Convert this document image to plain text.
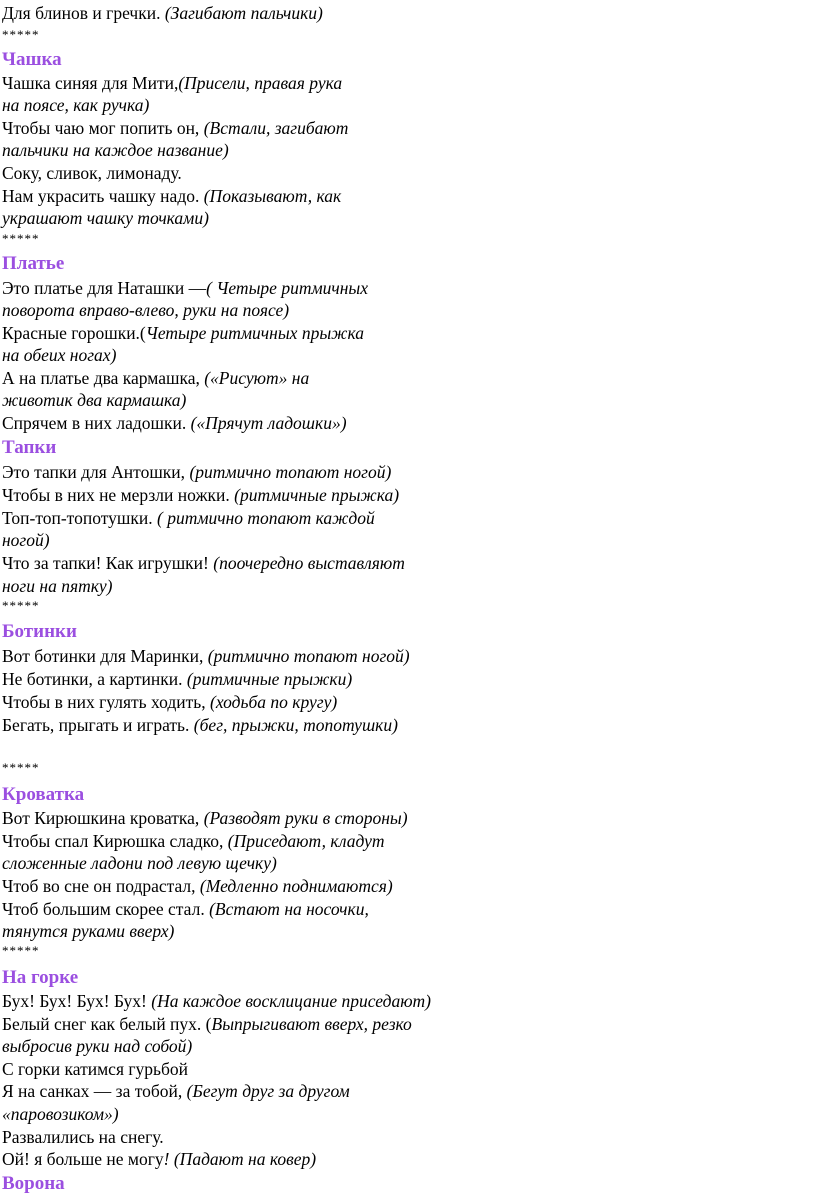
Для блинов и гречки. (Загибают пальчики)

*****

Чашка

Чашка синяя для Мити,(Присели, правая рука

на поясе, как ручка)

Чтобы чаю мог попить он, (Встали, загибают

пальчики на каждое название)

Соку, сливок, лимонаду.

Нам украсить чашку надо. (Показывают, как

украшают чашку точками)

*****

Платье

Это платье для Наташки —( Четыре ритмичных

поворота вправо-влево, руки на поясе)

Красные горошки.(Четыре ритмичных прыжка

на обеих ногах)

А на платье два кармашка, («Рисуют» на

животик два кармашка)

Спрячем в них ладошки. («Прячут ладошки»)

Тапки

Это тапки для Антошки, (ритмично топают ногой)

Чтобы в них не мерзли ножки. (ритмичные прыжка)

Топ-топ-топотушки. ( ритмично топают каждой

ногой)

Что за тапки! Как игрушки! (поочередно выставляют

ноги на пятку)

*****

Ботинки

Вот ботинки для Маринки, (ритмично топают ногой)

Не ботинки, а картинки. (ритмичные прыжки)

Чтобы в них гулять ходить, (ходьба по кругу)

Бегать, прыгать и играть. (бег, прыжки, топотушки)

*****

Кроватка

Вот Кирюшкина кроватка, (Разводят руки в стороны)

Чтобы спал Кирюшка сладко, (Приседают, кладут

сложенные ладони под левую щечку)

Чтоб во сне он подрастал, (Медленно поднимаются)

Чтоб большим скорее стал. (Встают на носочки,

тянутся руками вверх)

*****

На горке

Бух! Бух! Бух! Бух! (На каждое восклицание приседают)

Белый снег как белый пух. (Выпрыгивают вверх, резко

выбросив руки над собой)

С горки катимся гурьбой

Я на санках — за тобой, (Бегут друг за другом

«паровозиком»)

Развалились на снегу.

Ой! я больше не могу! (Падают на ковер)

Ворона
